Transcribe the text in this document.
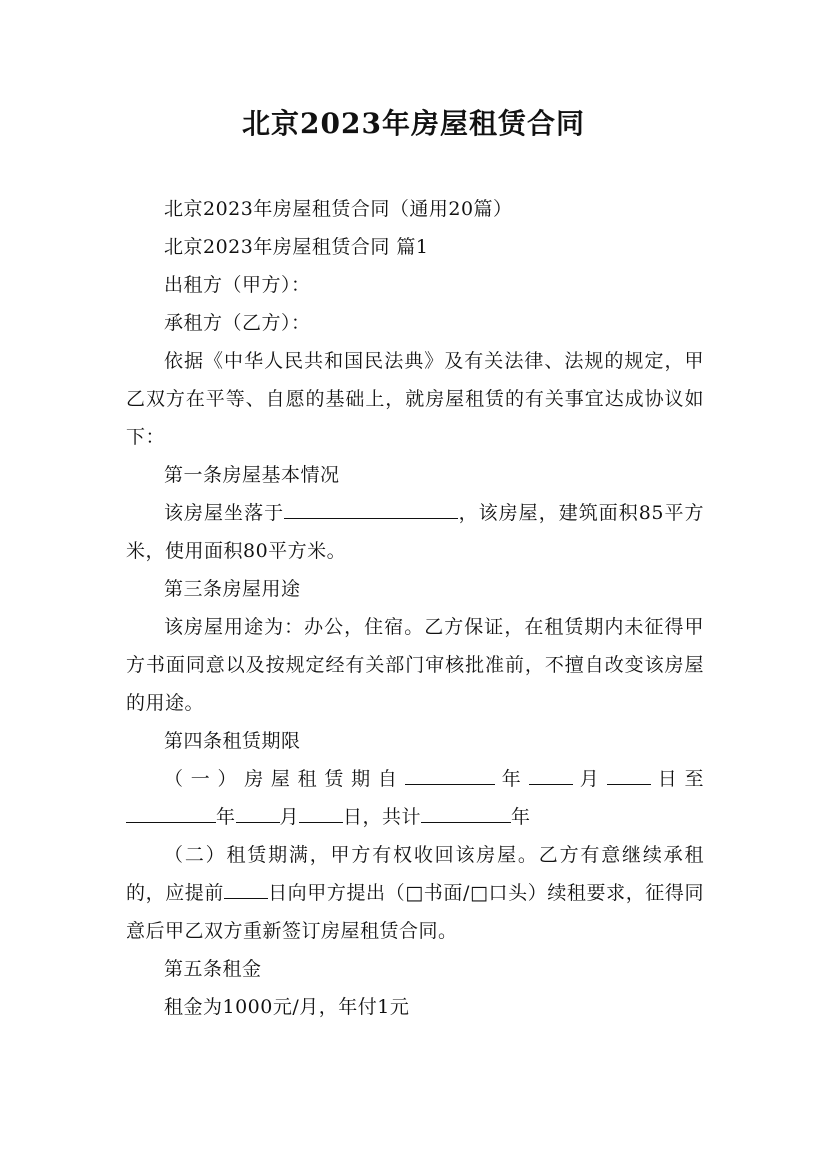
北京2023年房屋租赁合同

北京2023年房屋租赁合同（通用20篇）

北京2023年房屋租赁合同 篇1

出租方（甲方）：

承租方（乙方）：

依据《中华人民共和国民法典》及有关法律、法规的规定，甲乙双方在平等、自愿的基础上，就房屋租赁的有关事宜达成协议如下：

第一条房屋基本情况

该房屋坐落于	，该房屋，建筑面积85平方米，使用面积80平方米。

第三条房屋用途

该房屋用途为：办公，住宿。乙方保证，在租赁期内未征得甲方书面同意以及按规定经有关部门审核批准前，不擅自改变该房屋的用途。

第四条租赁期限

（一）房屋租赁期自	年 月 日至

年 月 日，共计	年

（二）租赁期满，甲方有权收回该房屋。乙方有意继续承租的，应提前 日向甲方提出（□书面/□口头）续租要求，征得同意后甲乙双方重新签订房屋租赁合同。

第五条租金

租金为1000元/月，年付1元
